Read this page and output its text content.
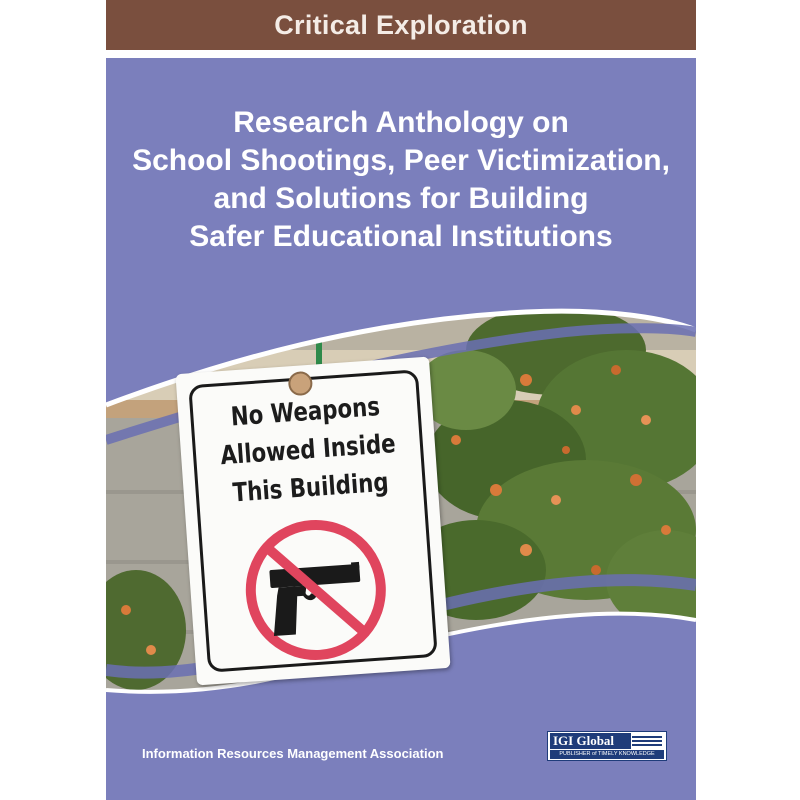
Critical Exploration
Research Anthology on
School Shootings, Peer Victimization,
and Solutions for Building
Safer Educational Institutions
No Weapons
Allowed Inside
This Building
Information Resources Management Association
IGI Global
PUBLISHER of TIMELY KNOWLEDGE
